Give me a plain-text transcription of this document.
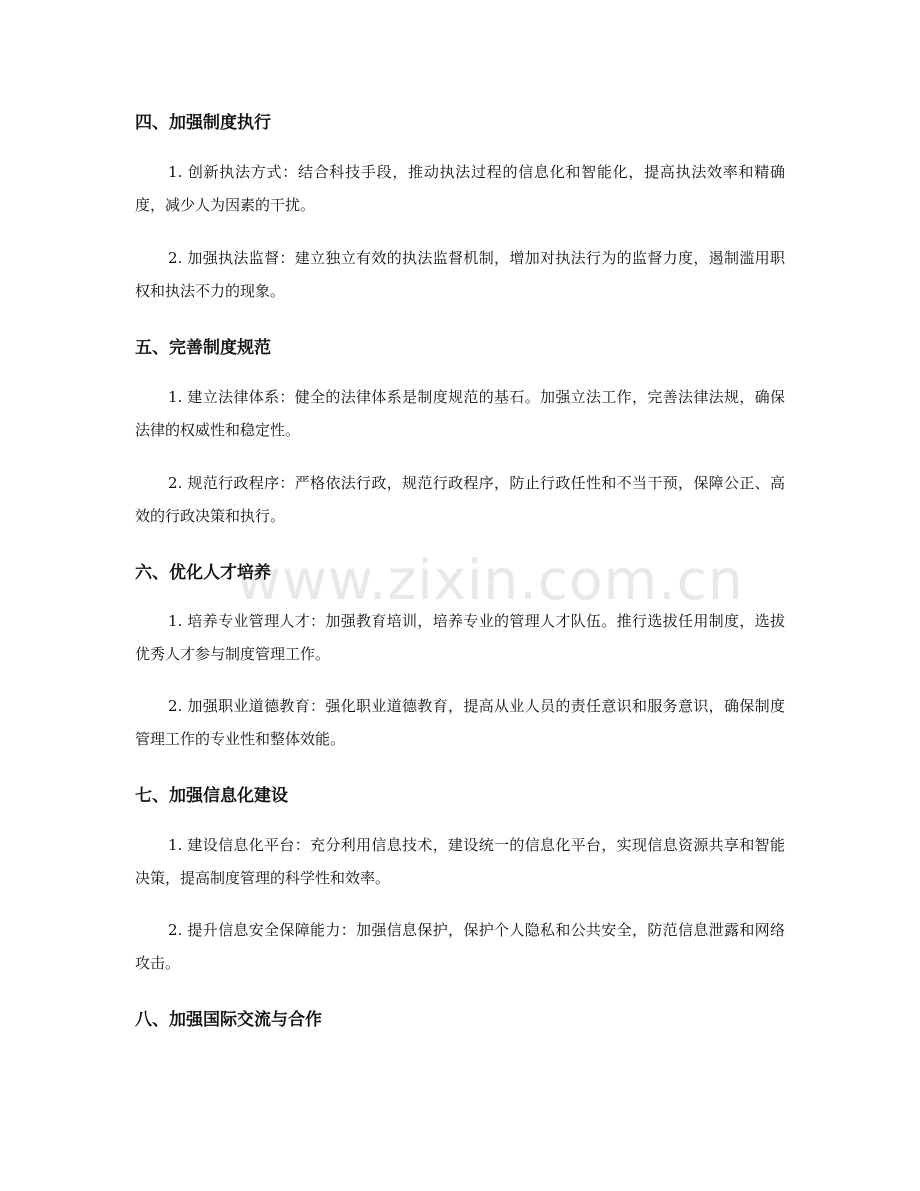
www.zixin.com.cn
四、加强制度执行

1. 创新执法方式：结合科技手段，推动执法过程的信息化和智能化，提高执法效率和精确度，减少人为因素的干扰。

2. 加强执法监督：建立独立有效的执法监督机制，增加对执法行为的监督力度，遏制滥用职权和执法不力的现象。

五、完善制度规范

1. 建立法律体系：健全的法律体系是制度规范的基石。加强立法工作，完善法律法规，确保法律的权威性和稳定性。

2. 规范行政程序：严格依法行政，规范行政程序，防止行政任性和不当干预，保障公正、高效的行政决策和执行。

六、优化人才培养

1. 培养专业管理人才：加强教育培训，培养专业的管理人才队伍。推行选拔任用制度，选拔优秀人才参与制度管理工作。

2. 加强职业道德教育：强化职业道德教育，提高从业人员的责任意识和服务意识，确保制度管理工作的专业性和整体效能。

七、加强信息化建设

1. 建设信息化平台：充分利用信息技术，建设统一的信息化平台，实现信息资源共享和智能决策，提高制度管理的科学性和效率。

2. 提升信息安全保障能力：加强信息保护，保护个人隐私和公共安全，防范信息泄露和网络攻击。

八、加强国际交流与合作
